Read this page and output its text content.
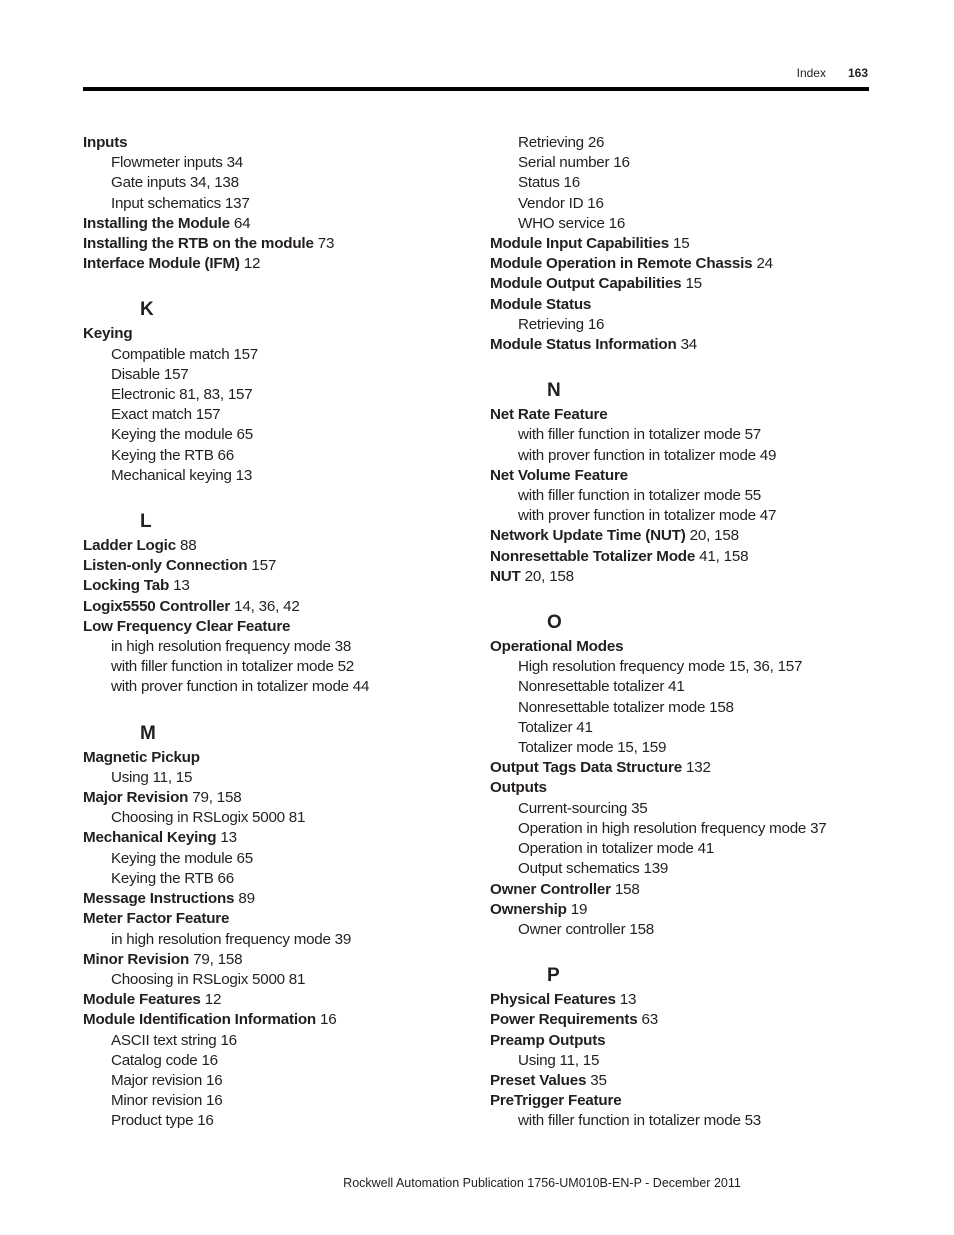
Index 163
Inputs
Flowmeter inputs 34
Gate inputs 34, 138
Input schematics 137
Installing the Module 64
Installing the RTB on the module 73
Interface Module (IFM) 12
K
Keying
Compatible match 157
Disable 157
Electronic 81, 83, 157
Exact match 157
Keying the module 65
Keying the RTB 66
Mechanical keying 13
L
Ladder Logic 88
Listen-only Connection 157
Locking Tab 13
Logix5550 Controller 14, 36, 42
Low Frequency Clear Feature
in high resolution frequency mode 38
with filler function in totalizer mode 52
with prover function in totalizer mode 44
M
Magnetic Pickup
Using 11, 15
Major Revision 79, 158
Choosing in RSLogix 5000 81
Mechanical Keying 13
Keying the module 65
Keying the RTB 66
Message Instructions 89
Meter Factor Feature
in high resolution frequency mode 39
Minor Revision 79, 158
Choosing in RSLogix 5000 81
Module Features 12
Module Identification Information 16
ASCII text string 16
Catalog code 16
Major revision 16
Minor revision 16
Product type 16
Retrieving 26
Serial number 16
Status 16
Vendor ID 16
WHO service 16
Module Input Capabilities 15
Module Operation in Remote Chassis 24
Module Output Capabilities 15
Module Status
Retrieving 16
Module Status Information 34
N
Net Rate Feature
with filler function in totalizer mode 57
with prover function in totalizer mode 49
Net Volume Feature
with filler function in totalizer mode 55
with prover function in totalizer mode 47
Network Update Time (NUT) 20, 158
Nonresettable Totalizer Mode 41, 158
NUT 20, 158
O
Operational Modes
High resolution frequency mode 15, 36, 157
Nonresettable totalizer 41
Nonresettable totalizer mode 158
Totalizer 41
Totalizer mode 15, 159
Output Tags Data Structure 132
Outputs
Current-sourcing 35
Operation in high resolution frequency mode 37
Operation in totalizer mode 41
Output schematics 139
Owner Controller 158
Ownership 19
Owner controller 158
P
Physical Features 13
Power Requirements 63
Preamp Outputs
Using 11, 15
Preset Values 35
PreTrigger Feature
with filler function in totalizer mode 53
Rockwell Automation Publication 1756-UM010B-EN-P - December 2011
